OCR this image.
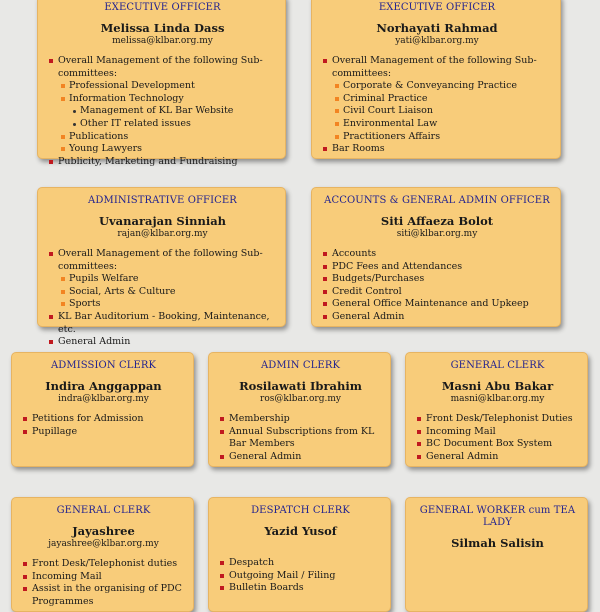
EXECUTIVE OFFICER
Melissa Linda Dass
melissa@klbar.org.my
Overall Management of the following Sub-committees:
Professional Development
Information Technology
Management of KL Bar Website
Other IT related issues
Publications
Young Lawyers
Publicity, Marketing and Fundraising
EXECUTIVE OFFICER
Norhayati Rahmad
yati@klbar.org.my
Overall Management of the following Sub-committees:
Corporate & Conveyancing Practice
Criminal Practice
Civil Court Liaison
Environmental Law
Practitioners Affairs
Bar Rooms
ADMINISTRATIVE OFFICER
Uvanarajan Sinniah
rajan@klbar.org.my
Overall Management of the following Sub-committees:
Pupils Welfare
Social, Arts & Culture
Sports
KL Bar Auditorium - Booking, Maintenance, etc.
General Admin
ACCOUNTS & GENERAL ADMIN OFFICER
Siti Affaeza Bolot
siti@klbar.org.my
Accounts
PDC Fees and Attendances
Budgets/Purchases
Credit Control
General Office Maintenance and Upkeep
General Admin
ADMISSION CLERK
Indira Anggappan
indra@klbar.org.my
Petitions for Admission
Pupillage
ADMIN CLERK
Rosilawati Ibrahim
ros@klbar.org.my
Membership
Annual Subscriptions from KL Bar Members
General Admin
GENERAL CLERK
Masni Abu Bakar
masni@klbar.org.my
Front Desk/Telephonist Duties
Incoming Mail
BC Document Box System
General Admin
GENERAL CLERK
Jayashree
jayashree@klbar.org.my
Front Desk/Telephonist duties
Incoming Mail
Assist in the organising of PDC Programmes
DESPATCH CLERK
Yazid Yusof
Despatch
Outgoing Mail / Filing
Bulletin Boards
GENERAL WORKER cum TEA LADY
Silmah Salisin
